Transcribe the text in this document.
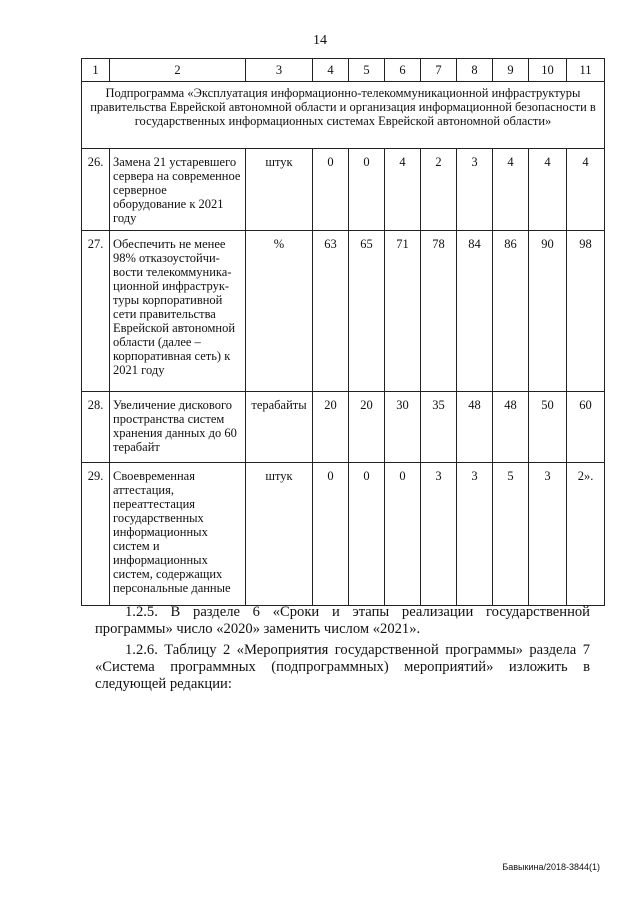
14
1	2	3	4	5	6	7	8	9	10	11
Подпрограмма «Эксплуатация информационно-телекоммуникационной инфраструктуры правительства Еврейской автономной области и организация информационной безопасности в государственных информационных системах Еврейской автономной области»										
26.	Замена 21 устаревшего сервера на современное серверное оборудование к 2021 году	штук	0	0	4	2	3	4	4	4
27.	Обеспечить не менее 98% отказоустойчи-вости телекоммуника-ционной инфраструк-туры корпоративной сети правительства Еврейской автономной области (далее – корпоративная сеть) к 2021 году	%	63	65	71	78	84	86	90	98
28.	Увеличение дискового пространства систем хранения данных до 60 терабайт	терабайты	20	20	30	35	48	48	50	60
29.	Своевременная аттестация, переаттестация государственных информационных систем и информационных систем, содержащих персональные данные	штук	0	0	0	3	3	5	3	2».
1.2.5. В разделе 6 «Сроки и этапы реализации государственной программы» число «2020» заменить числом «2021».
1.2.6. Таблицу 2 «Мероприятия государственной программы» раздела 7 «Система программных (подпрограммных) мероприятий» изложить в следующей редакции:
Бавыкина/2018-3844(1)
